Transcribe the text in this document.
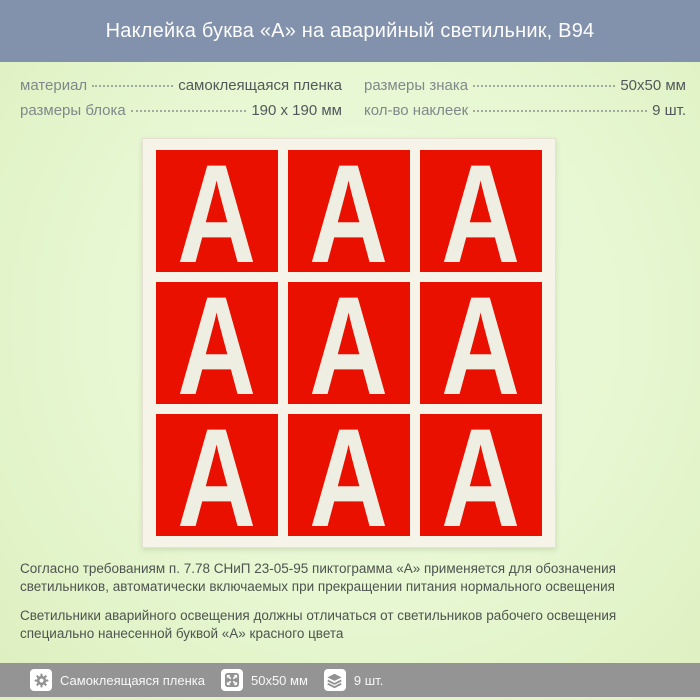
Наклейка буква «А» на аварийный светильник, B94
материал	самоклеящаяся пленка
размеры блока	190 x 190 мм
размеры знака	50x50 мм
кол-во наклеек	9 шт.
А А А
А А А
А А А

Согласно требованиям п. 7.78 СНиП 23-05-95 пиктограмма «А» применяется для обозначения светильников, автоматически включаемых при прекращении питания нормального освещения

Светильники аварийного освещения должны отличаться от светильников рабочего освещения специально нанесенной буквой «А» красного цвета

Самоклеящаяся пленка	50x50 мм	9 шт.
